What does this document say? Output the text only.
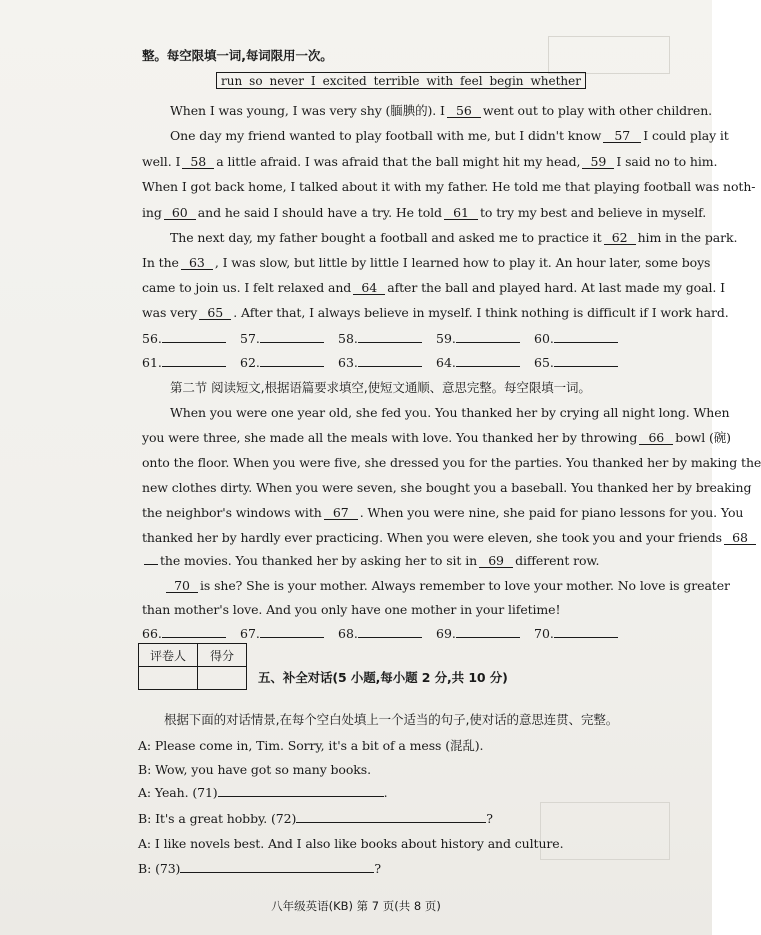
整。每空限填一词,每词限用一次。
run so never I excited terrible with feel begin whether
When I was young, I was very shy (腼腆的). I 56 went out to play with other children.
One day my friend wanted to play football with me, but I didn't know 57 I could play it
well. I 58 a little afraid. I was afraid that the ball might hit my head, 59 I said no to him.
When I got back home, I talked about it with my father. He told me that playing football was noth-
ing 60 and he said I should have a try. He told 61 to try my best and believe in myself.
The next day, my father bought a football and asked me to practice it 62 him in the park.
In the 63 , I was slow, but little by little I learned how to play it. An hour later, some boys
came to join us. I felt relaxed and 64 after the ball and played hard. At last made my goal. I
was very 65 . After that, I always believe in myself. I think nothing is difficult if I work hard.
56.	57.	58.	59.	60.
61.	62.	63.	64.	65.
第二节 阅读短文,根据语篇要求填空,使短文通顺、意思完整。每空限填一词。
When you were one year old, she fed you. You thanked her by crying all night long. When
you were three, she made all the meals with love. You thanked her by throwing 66 bowl (碗)
onto the floor. When you were five, she dressed you for the parties. You thanked her by making the
new clothes dirty. When you were seven, she bought you a baseball. You thanked her by breaking
the neighbor's windows with 67 . When you were nine, she paid for piano lessons for you. You
thanked her by hardly ever practicing. When you were eleven, she took you and your friends 68
the movies. You thanked her by asking her to sit in 69 different row.
70 is she? She is your mother. Always remember to love your mother. No love is greater
than mother's love. And you only have one mother in your lifetime!
66.	67.	68.	69.	70.
评卷人	得分

五、补全对话(5 小题,每小题 2 分,共 10 分)
根据下面的对话情景,在每个空白处填上一个适当的句子,使对话的意思连贯、完整。
A: Please come in, Tim. Sorry, it's a bit of a mess (混乱).
B: Wow, you have got so many books.
A: Yeah. (71)	.
B: It's a great hobby. (72)	?
A: I like novels best. And I also like books about history and culture.
B: (73)	?
八年级英语(KB) 第 7 页(共 8 页)
